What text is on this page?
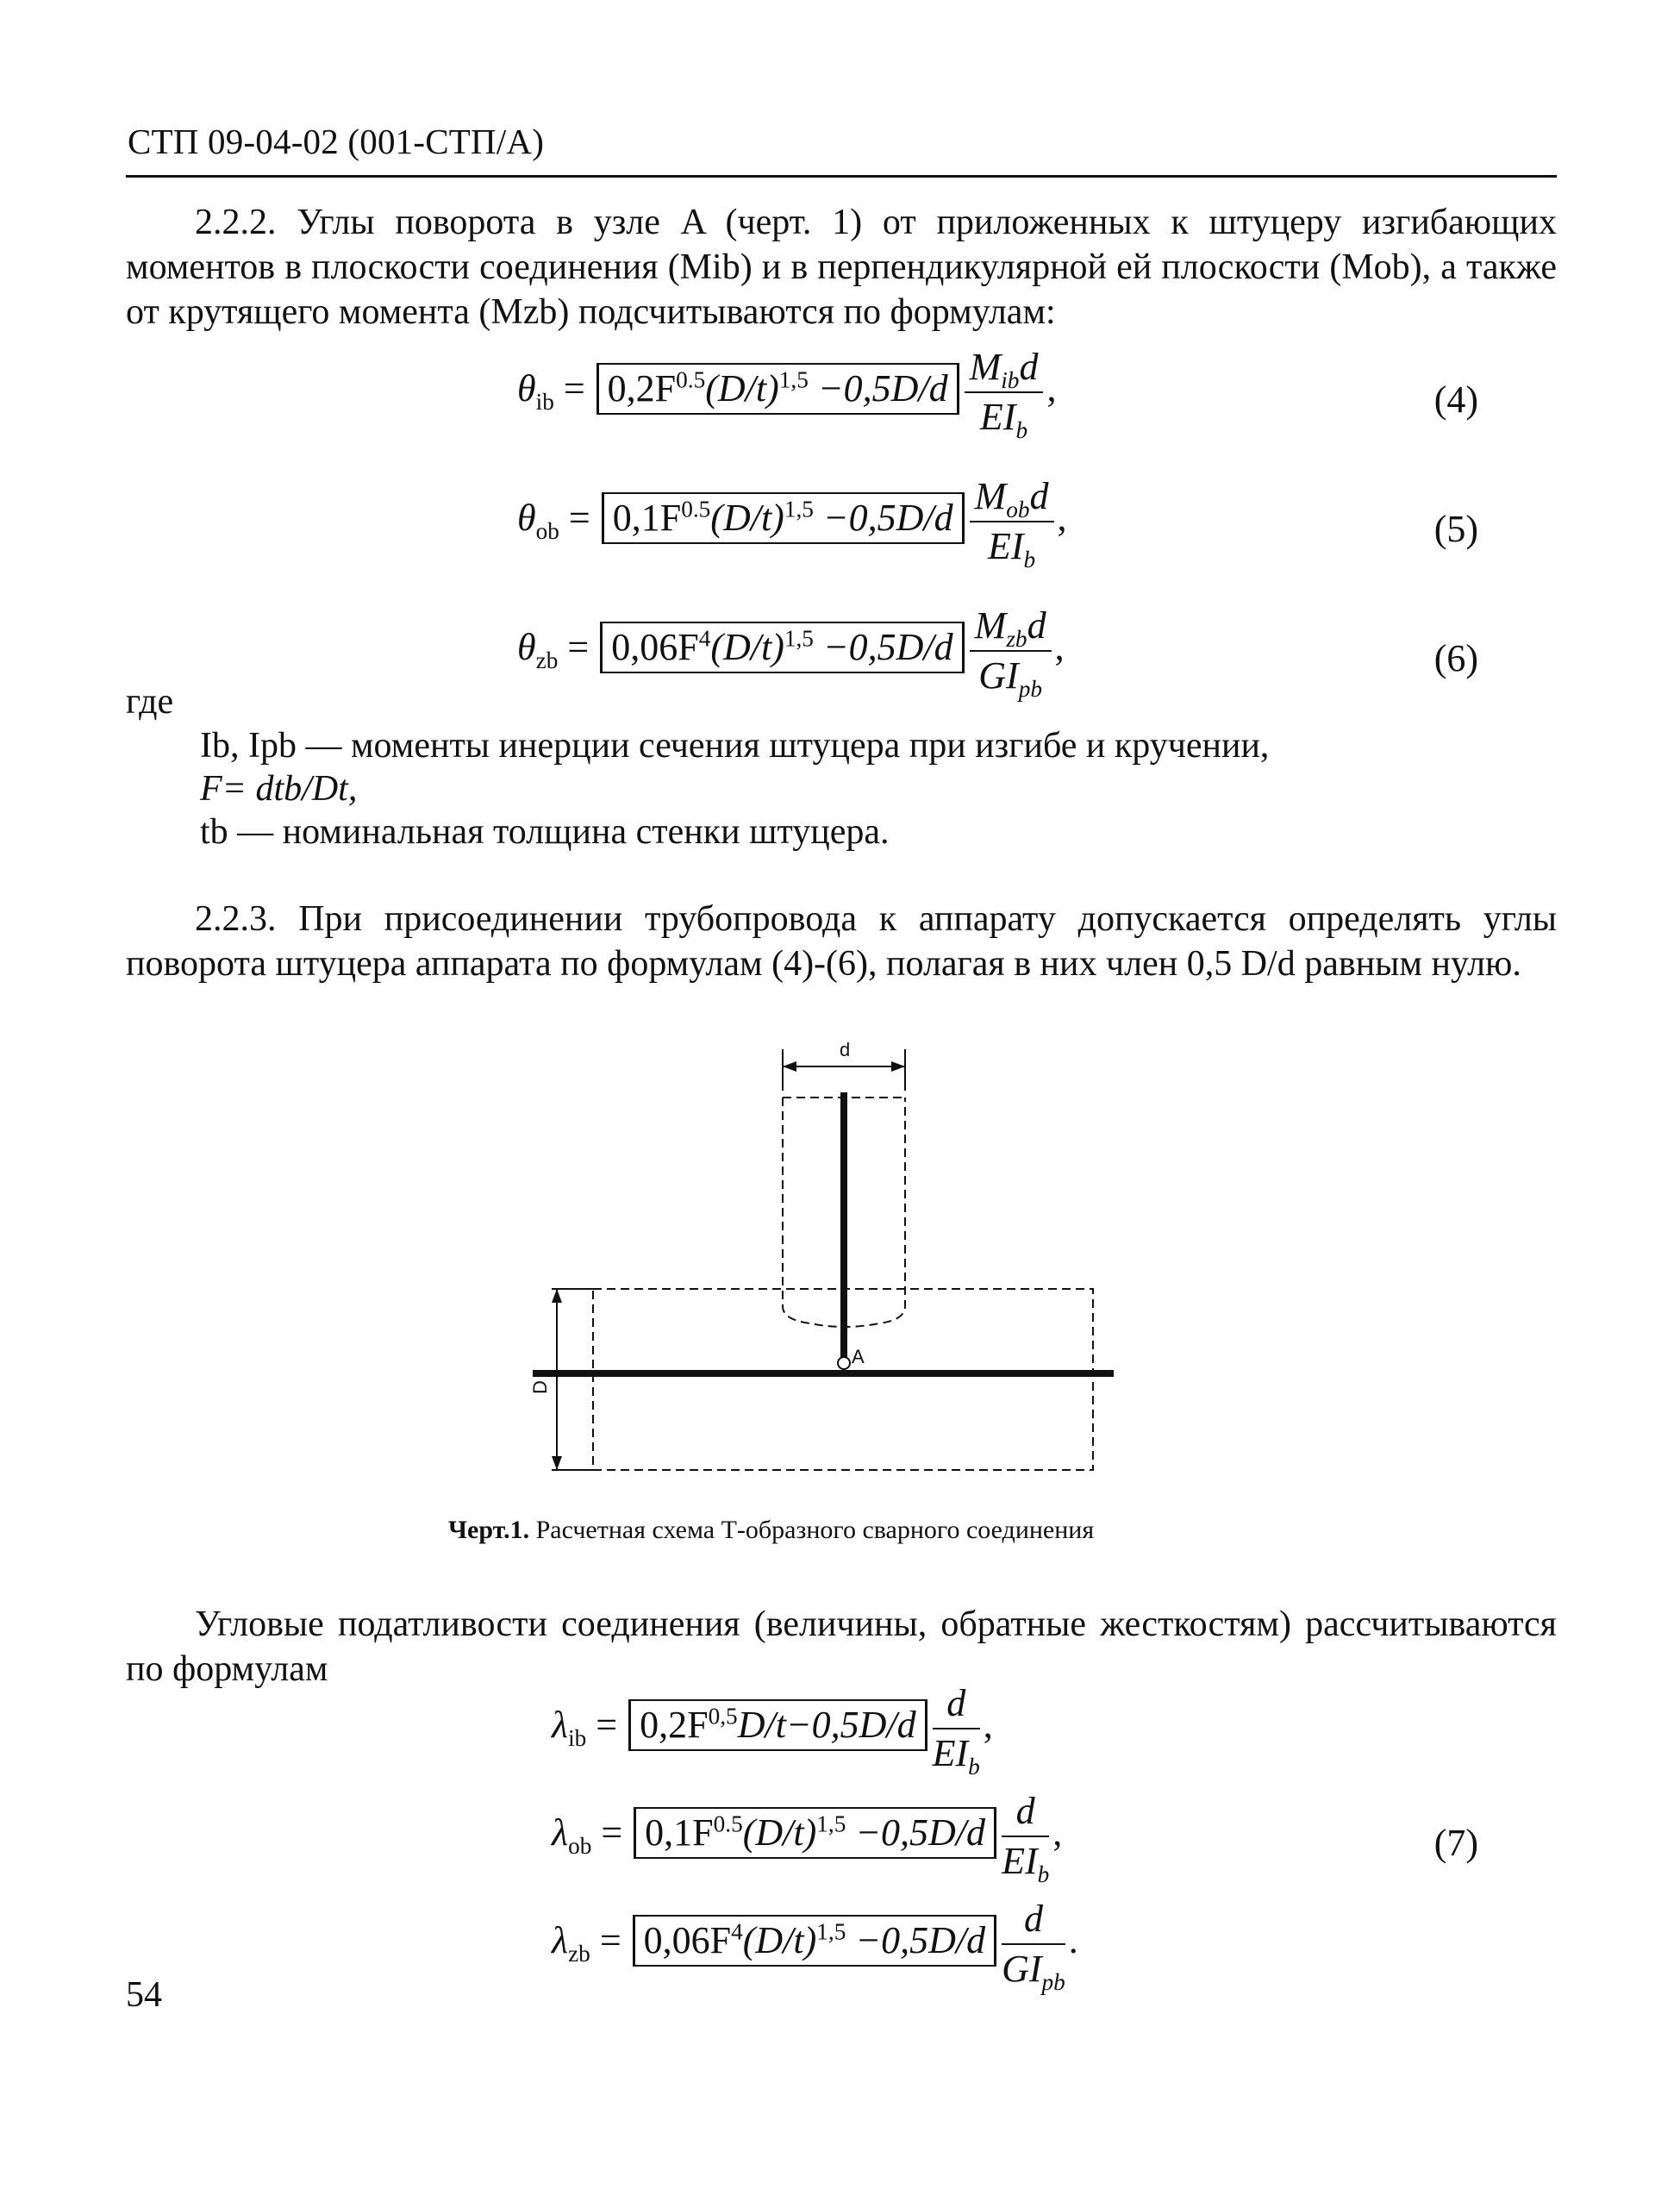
СТП 09-04-02 (001-СТП/А)
2.2.2. Углы поворота в узле A (черт. 1) от приложенных к штуцеру изгибающих моментов в плоскости соединения (Mib) и в перпендикулярной ей плоскости (Mob), а также от крутящего момента (Mzb) подсчитываются по формулам:
$\theta_{ib} = 0,2F^{0.5}(D/t)^{1,5} -0,5D/d \frac{M_{ib}d}{EI_b}$ ,	(4)
$\theta_{ob} = 0,1F^{0.5}(D/t)^{1,5} -0,5D/d \frac{M_{ob}d}{EI_b}$ ,	(5)
$\theta_{zb} = 0,06F^4(D/t)^{1,5} -0,5D/d \frac{M_{zb}d}{GI_{pb}}$ ,	(6)
где
Ib, Ipb — моменты инерции сечения штуцера при изгибе и кручении,
F= dtb/Dt,
tb — номинальная толщина стенки штуцера.
2.2.3. При присоединении трубопровода к аппарату допускается определять углы поворота штуцера аппарата по формулам (4)-(6), полагая в них член 0,5 D/d равным нулю.
d
A
D
Черт.1. Расчетная схема Т-образного сварного соединения
Угловые податливости соединения (величины, обратные жесткостям) рассчитываются по формулам
$\lambda_{ib} = 0,2F^{0,5}D/t-0,5D/d \frac{d}{EI_b}$ ,
$\lambda_{ob} = 0,1F^{0.5}(D/t)^{1,5} -0,5D/d \frac{d}{EI_b}$ ,
$\lambda_{zb} = 0,06F^4(D/t)^{1,5} -0,5D/d \frac{d}{GI_{pb}}$ .
(7)
54
